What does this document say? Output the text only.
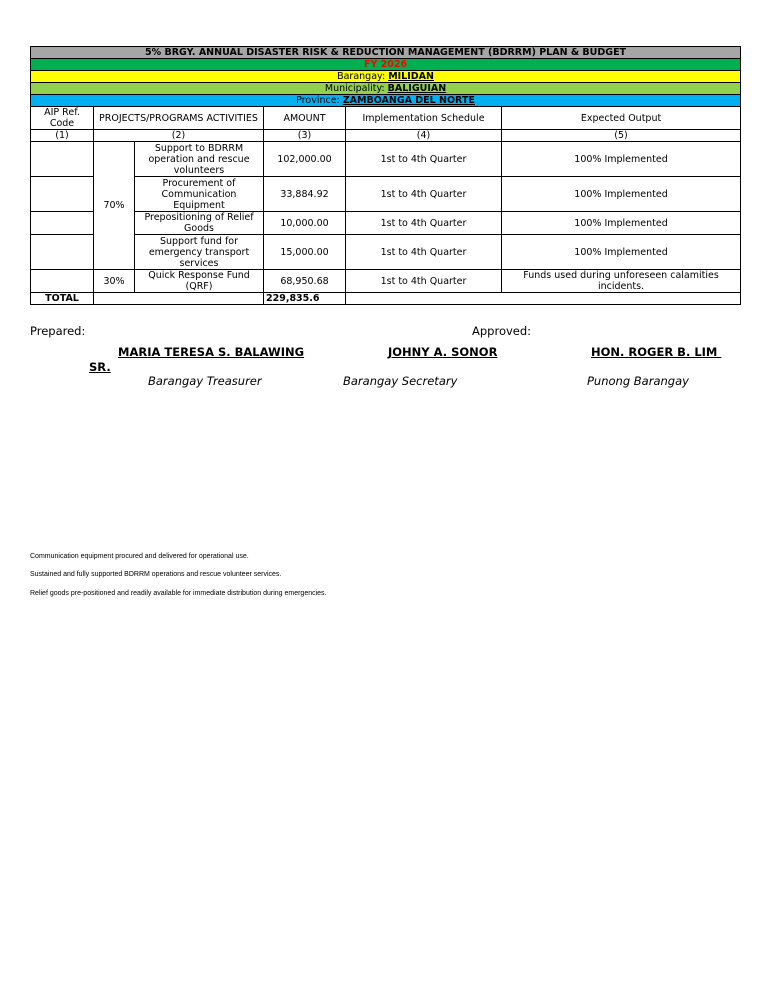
5% BRGY. ANNUAL DISASTER RISK & REDUCTION MANAGEMENT (BDRRM) PLAN & BUDGET					
FY 2026					
Barangay: MILIDAN					
Municipality: BALIGUIAN					
Province: ZAMBOANGA DEL NORTE					
AIP Ref. Code	PROJECTS/PROGRAMS ACTIVITIES		AMOUNT	Implementation Schedule	Expected Output
(1)	(2)		(3)	(4)	(5)
	70%	Support to BDRRM operation and rescue volunteers	102,000.00	1st to 4th Quarter	100% Implemented
		Procurement of Communication Equipment	33,884.92	1st to 4th Quarter	100% Implemented
		Prepositioning of Relief Goods	10,000.00	1st to 4th Quarter	100% Implemented
		Support fund for emergency transport services	15,000.00	1st to 4th Quarter	100% Implemented
	30%	Quick Response Fund (QRF)	68,950.68	1st to 4th Quarter	Funds used during unforeseen calamities incidents.
TOTAL			229,835.6		
Prepared:	Approved:
MARIA TERESA S. BALAWING
SR.
JOHNY A. SONOR	HON. ROGER B. LIM
Barangay Treasurer	Barangay Secretary	Punong Barangay
Communication equipment procured and delivered for operational use.
Sustained and fully supported BDRRM operations and rescue volunteer services.
Relief goods pre-positioned and readily available for immediate distribution during emergencies.
